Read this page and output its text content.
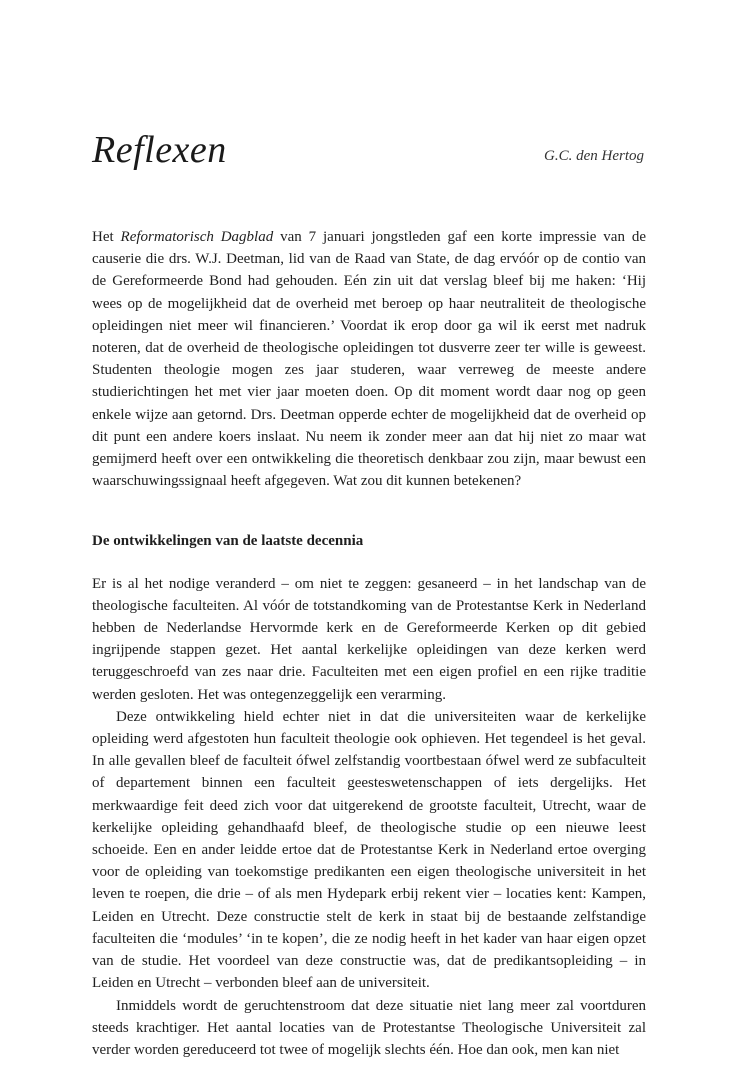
Reflexen	G.C. den Hertog

Het Reformatorisch Dagblad van 7 januari jongstleden gaf een korte impressie van de causerie die drs. W.J. Deetman, lid van de Raad van State, de dag ervóór op de contio van de Gereformeerde Bond had gehouden. Eén zin uit dat verslag bleef bij me haken: ‘Hij wees op de mogelijkheid dat de overheid met beroep op haar neutraliteit de theologische opleidingen niet meer wil financieren.’ Voordat ik erop door ga wil ik eerst met nadruk noteren, dat de overheid de theologische opleidingen tot dusverre zeer ter wille is geweest. Studenten theologie mogen zes jaar studeren, waar verreweg de meeste andere studierichtingen het met vier jaar moeten doen. Op dit moment wordt daar nog op geen enkele wijze aan getornd. Drs. Deetman opperde echter de mogelijkheid dat de overheid op dit punt een andere koers inslaat. Nu neem ik zonder meer aan dat hij niet zo maar wat gemijmerd heeft over een ontwikkeling die theoretisch denkbaar zou zijn, maar bewust een waarschuwingssignaal heeft afgegeven. Wat zou dit kunnen betekenen?

De ontwikkelingen van de laatste decennia

Er is al het nodige veranderd – om niet te zeggen: gesaneerd – in het landschap van de theologische faculteiten. Al vóór de totstandkoming van de Protestantse Kerk in Nederland hebben de Nederlandse Hervormde kerk en de Gereformeerde Kerken op dit gebied ingrijpende stappen gezet. Het aantal kerkelijke opleidingen van deze kerken werd teruggeschroefd van zes naar drie. Faculteiten met een eigen profiel en een rijke traditie werden gesloten. Het was ontegenzeggelijk een verarming.

Deze ontwikkeling hield echter niet in dat die universiteiten waar de kerkelijke opleiding werd afgestoten hun faculteit theologie ook ophieven. Het tegendeel is het geval. In alle gevallen bleef de faculteit ófwel zelfstandig voortbestaan ófwel werd ze subfaculteit of departement binnen een faculteit geesteswetenschappen of iets dergelijks. Het merkwaardige feit deed zich voor dat uitgerekend de grootste faculteit, Utrecht, waar de kerkelijke opleiding gehandhaafd bleef, de theologische studie op een nieuwe leest schoeide. Een en ander leidde ertoe dat de Protestantse Kerk in Nederland ertoe overging voor de opleiding van toekomstige predikanten een eigen theologische universiteit in het leven te roepen, die drie – of als men Hydepark erbij rekent vier – locaties kent: Kampen, Leiden en Utrecht. Deze constructie stelt de kerk in staat bij de bestaande zelfstandige faculteiten die ‘modules’ ‘in te kopen’, die ze nodig heeft in het kader van haar eigen opzet van de studie. Het voordeel van deze constructie was, dat de predikantsopleiding – in Leiden en Utrecht – verbonden bleef aan de universiteit.

Inmiddels wordt de geruchtenstroom dat deze situatie niet lang meer zal voortduren steeds krachtiger. Het aantal locaties van de Protestantse Theologische Universiteit zal verder worden gereduceerd tot twee of mogelijk slechts één. Hoe dan ook, men kan niet
